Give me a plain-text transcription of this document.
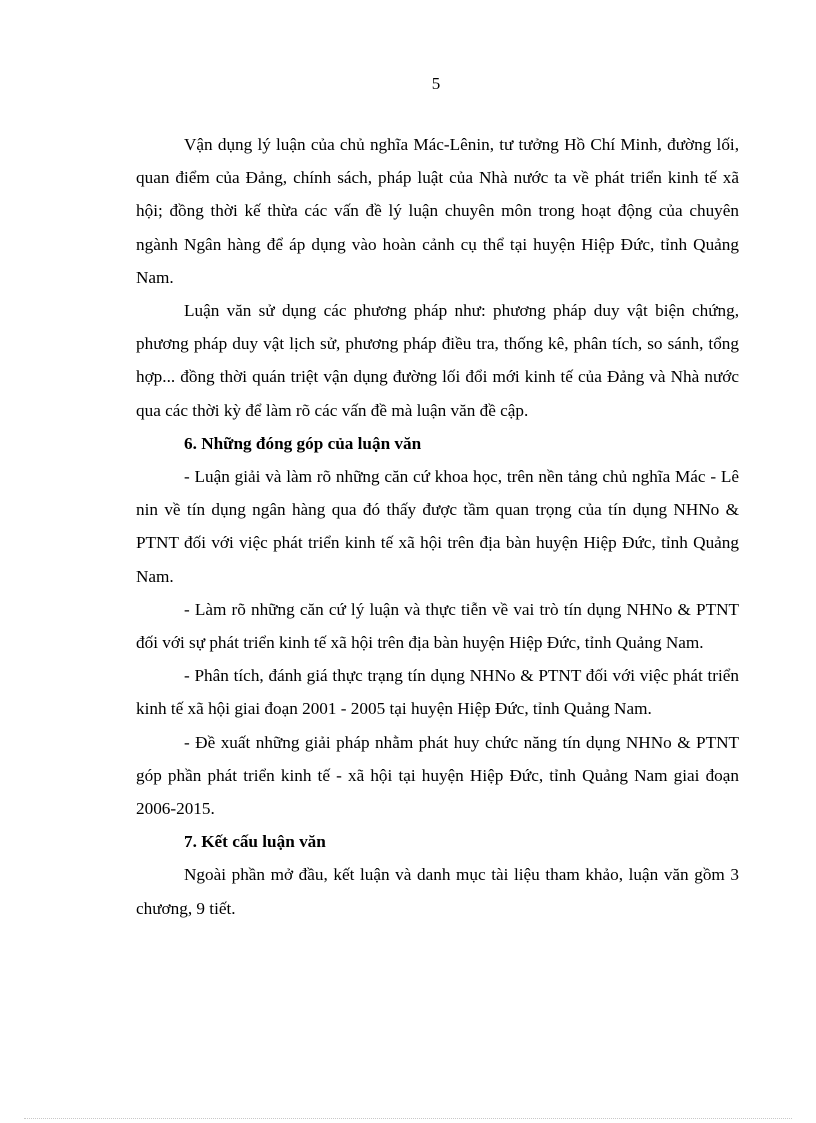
5

Vận dụng lý luận của chủ nghĩa Mác-Lênin, tư tưởng Hồ Chí Minh, đường lối, quan điểm của Đảng, chính sách, pháp luật của Nhà nước ta về phát triển kinh tế xã hội; đồng thời kế thừa các vấn đề lý luận chuyên môn trong hoạt động của chuyên ngành Ngân hàng để áp dụng vào hoàn cảnh cụ thể tại huyện Hiệp Đức, tỉnh Quảng Nam.

Luận văn sử dụng các phương pháp như: phương pháp duy vật biện chứng, phương pháp duy vật lịch sử, phương pháp điều tra, thống kê, phân tích, so sánh, tổng hợp... đồng thời quán triệt vận dụng đường lối đổi mới kinh tế của Đảng và Nhà nước qua các thời kỳ để làm rõ các vấn đề mà luận văn đề cập.

6. Những đóng góp của luận văn

- Luận giải và làm rõ những căn cứ khoa học, trên nền tảng chủ nghĩa Mác - Lê nin về tín dụng ngân hàng qua đó thấy được tầm quan trọng của tín dụng NHNo & PTNT đối với việc phát triển kinh tế xã hội trên địa bàn huyện Hiệp Đức, tỉnh Quảng Nam.

- Làm rõ những căn cứ lý luận và thực tiễn về vai trò tín dụng NHNo & PTNT đối với sự phát triển kinh tế xã hội trên địa bàn huyện Hiệp Đức, tỉnh Quảng Nam.

- Phân tích, đánh giá thực trạng tín dụng NHNo & PTNT đối với việc phát triển kinh tế xã hội giai đoạn 2001 - 2005 tại huyện Hiệp Đức, tỉnh Quảng Nam.

- Đề xuất những giải pháp nhằm phát huy chức năng tín dụng NHNo & PTNT góp phần phát triển kinh tế - xã hội tại huyện Hiệp Đức, tỉnh Quảng Nam giai đoạn 2006-2015.

7. Kết cấu luận văn

Ngoài phần mở đầu, kết luận và danh mục tài liệu tham khảo, luận văn gồm 3 chương, 9 tiết.
